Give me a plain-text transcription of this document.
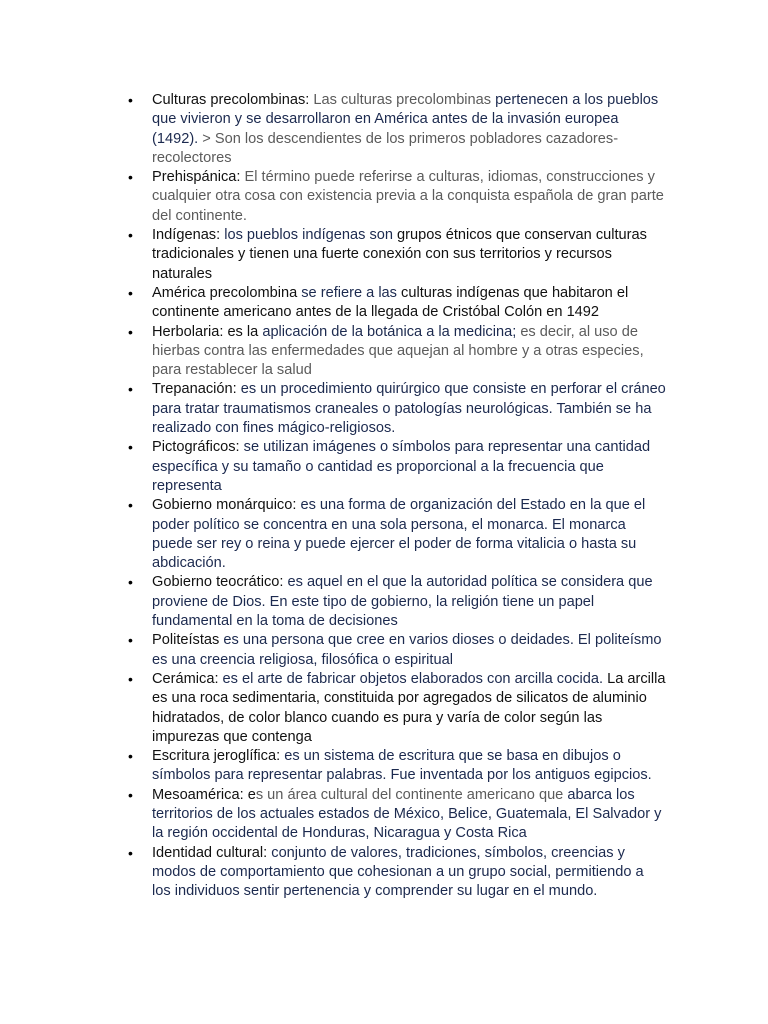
• Culturas precolombinas: Las culturas precolombinas pertenecen a los pueblos que vivieron y se desarrollaron en América antes de la invasión europea (1492). > Son los descendientes de los primeros pobladores cazadores-recolectores
• Prehispánica: El término puede referirse a culturas, idiomas, construcciones y cualquier otra cosa con existencia previa a la conquista española de gran parte del continente.
• Indígenas: los pueblos indígenas son grupos étnicos que conservan culturas tradicionales y tienen una fuerte conexión con sus territorios y recursos naturales
• América precolombina se refiere a las culturas indígenas que habitaron el continente americano antes de la llegada de Cristóbal Colón en 1492
• Herbolaria: es la aplicación de la botánica a la medicina; es decir, al uso de hierbas contra las enfermedades que aquejan al hombre y a otras especies, para restablecer la salud
• Trepanación: es un procedimiento quirúrgico que consiste en perforar el cráneo para tratar traumatismos craneales o patologías neurológicas. También se ha realizado con fines mágico-religiosos.
• Pictográficos: se utilizan imágenes o símbolos para representar una cantidad específica y su tamaño o cantidad es proporcional a la frecuencia que representa
• Gobierno monárquico: es una forma de organización del Estado en la que el poder político se concentra en una sola persona, el monarca. El monarca puede ser rey o reina y puede ejercer el poder de forma vitalicia o hasta su abdicación.
• Gobierno teocrático: es aquel en el que la autoridad política se considera que proviene de Dios. En este tipo de gobierno, la religión tiene un papel fundamental en la toma de decisiones
• Politeístas es una persona que cree en varios dioses o deidades. El politeísmo es una creencia religiosa, filosófica o espiritual
• Cerámica: es el arte de fabricar objetos elaborados con arcilla cocida. La arcilla es una roca sedimentaria, constituida por agregados de silicatos de aluminio hidratados, de color blanco cuando es pura y varía de color según las impurezas que contenga
• Escritura jeroglífica: es un sistema de escritura que se basa en dibujos o símbolos para representar palabras. Fue inventada por los antiguos egipcios.
• Mesoamérica: es un área cultural del continente americano que abarca los territorios de los actuales estados de México, Belice, Guatemala, El Salvador y la región occidental de Honduras, Nicaragua y Costa Rica
• Identidad cultural: conjunto de valores, tradiciones, símbolos, creencias y modos de comportamiento que cohesionan a un grupo social, permitiendo a los individuos sentir pertenencia y comprender su lugar en el mundo.
